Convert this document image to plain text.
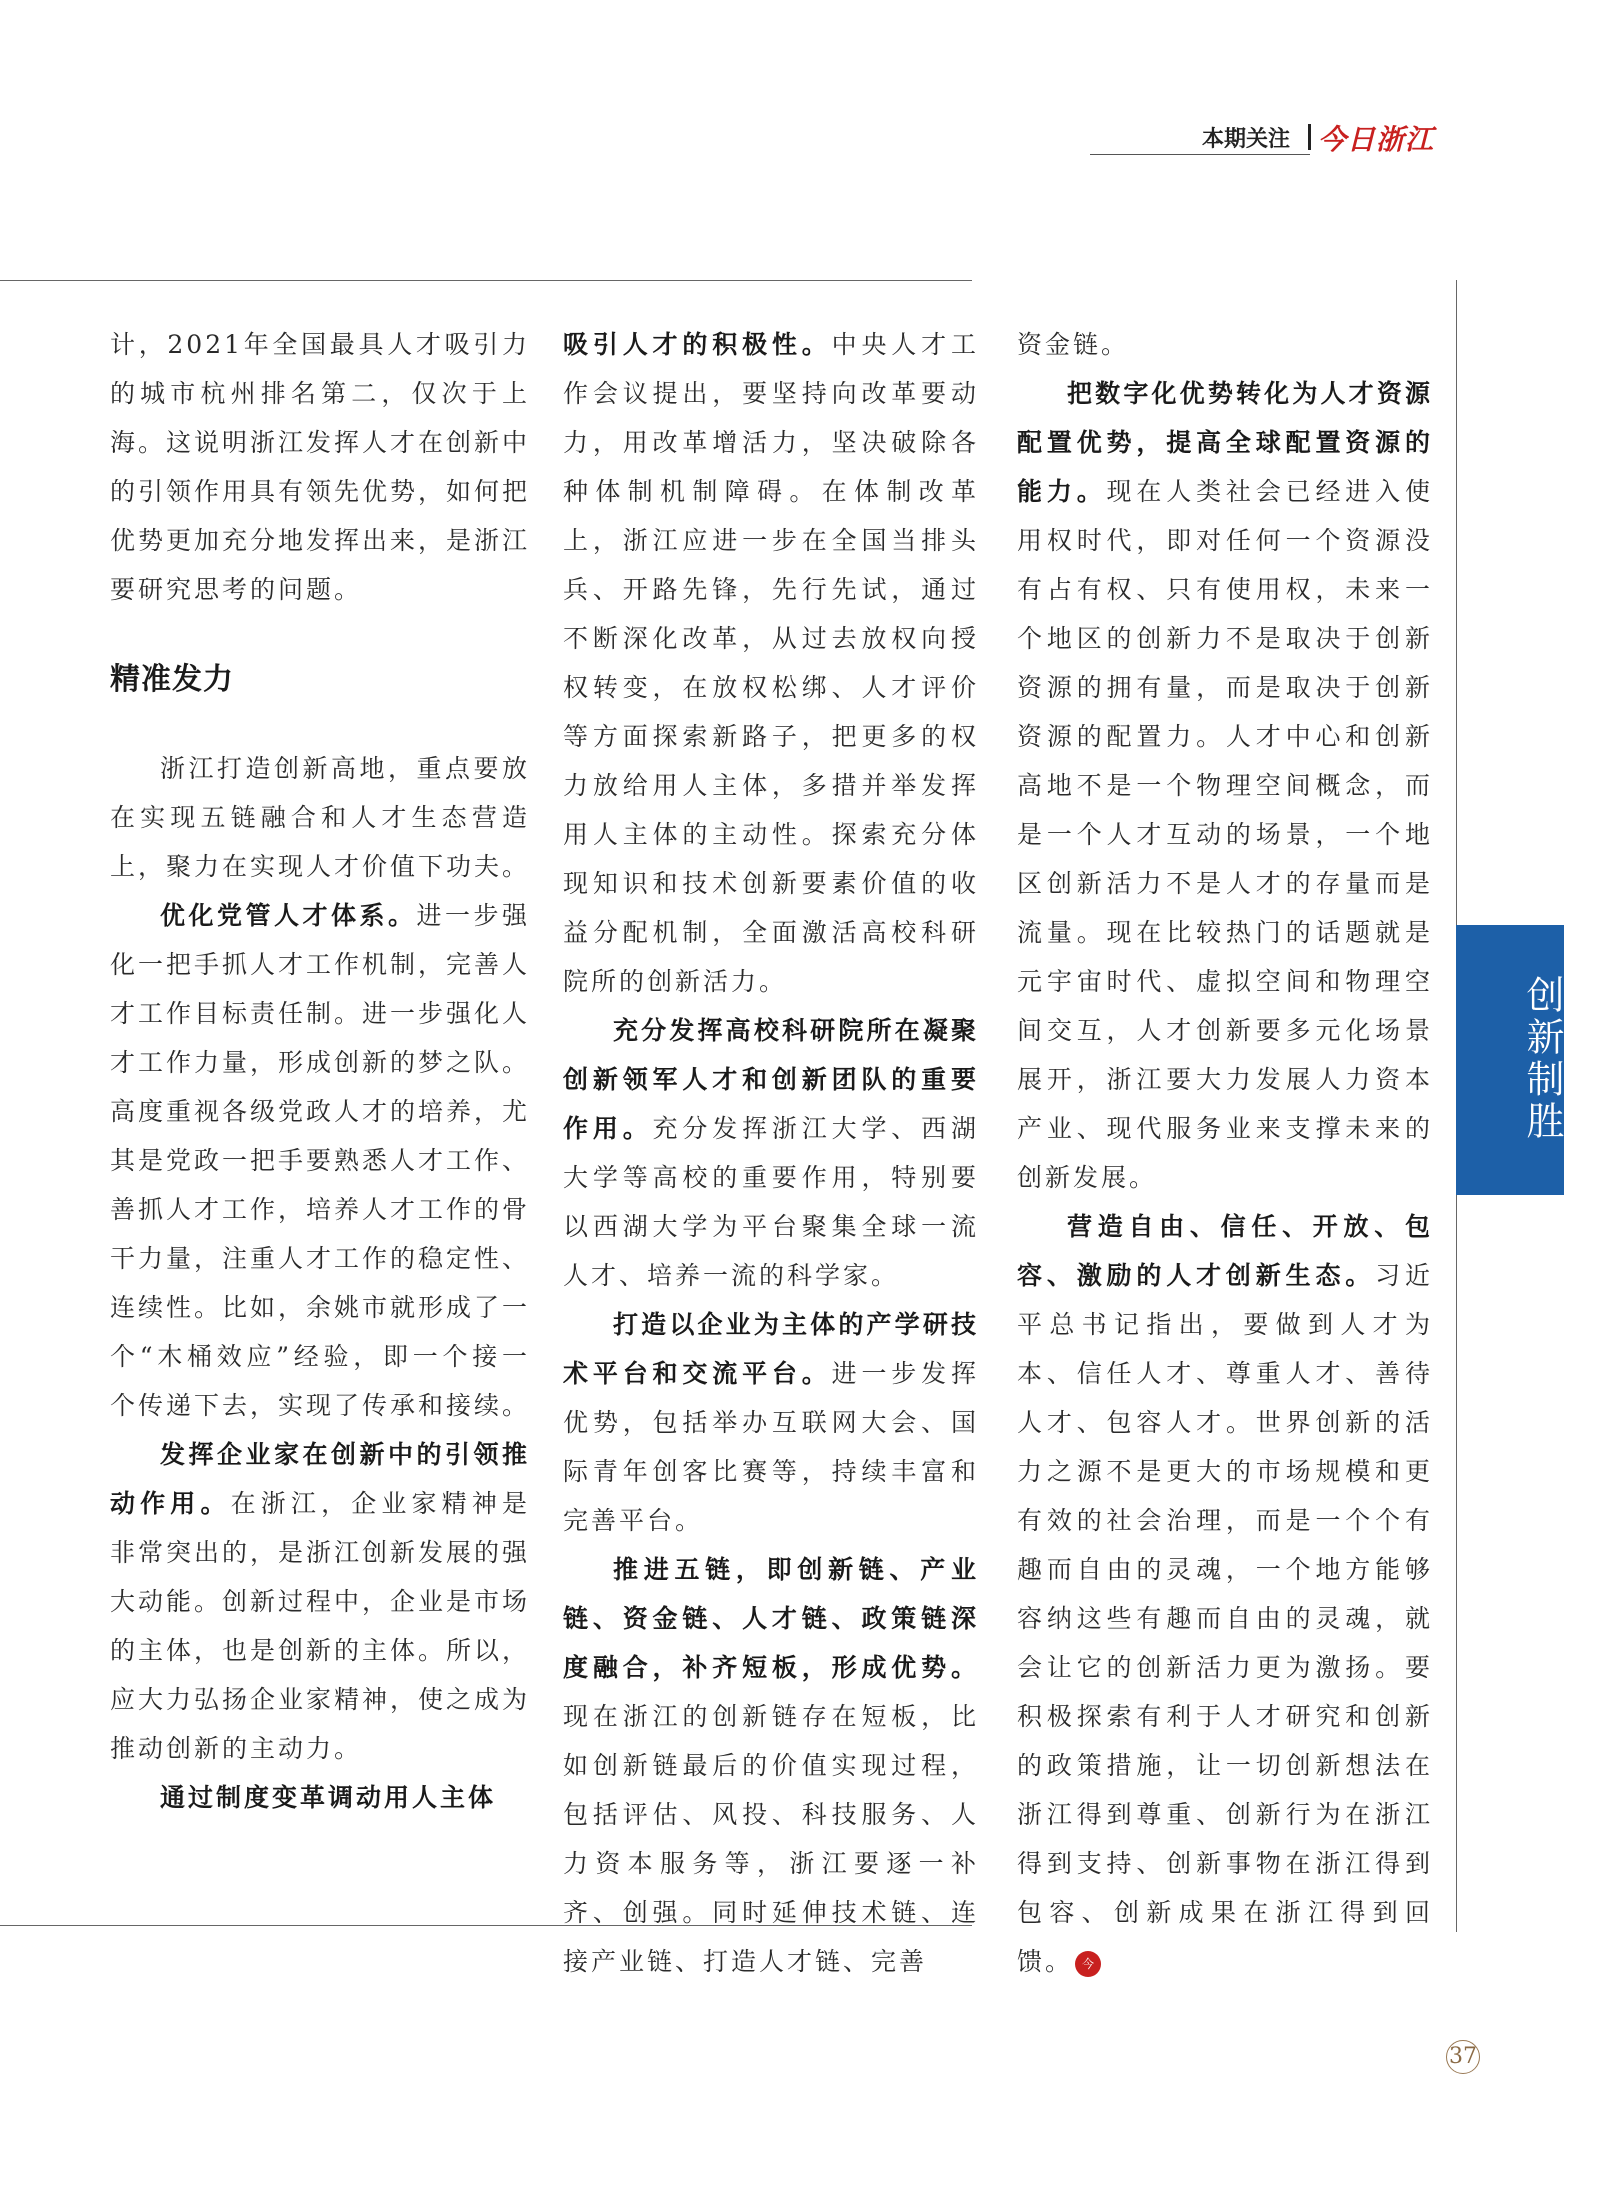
本期关注 今日浙江

计，2021年全国最具人才吸引力的城市杭州排名第二，仅次于上海。这说明浙江发挥人才在创新中的引领作用具有领先优势，如何把优势更加充分地发挥出来，是浙江要研究思考的问题。

精准发力

浙江打造创新高地，重点要放在实现五链融合和人才生态营造上，聚力在实现人才价值下功夫。

优化党管人才体系。进一步强化一把手抓人才工作机制，完善人才工作目标责任制。进一步强化人才工作力量，形成创新的梦之队。高度重视各级党政人才的培养，尤其是党政一把手要熟悉人才工作、善抓人才工作，培养人才工作的骨干力量，注重人才工作的稳定性、连续性。比如，余姚市就形成了一个“木桶效应”经验，即一个接一个传递下去，实现了传承和接续。

发挥企业家在创新中的引领推动作用。在浙江，企业家精神是非常突出的，是浙江创新发展的强大动能。创新过程中，企业是市场的主体，也是创新的主体。所以，应大力弘扬企业家精神，使之成为推动创新的主动力。

通过制度变革调动用人主体

吸引人才的积极性。中央人才工作会议提出，要坚持向改革要动力，用改革增活力，坚决破除各种体制机制障碍。在体制改革上，浙江应进一步在全国当排头兵、开路先锋，先行先试，通过不断深化改革，从过去放权向授权转变，在放权松绑、人才评价等方面探索新路子，把更多的权力放给用人主体，多措并举发挥用人主体的主动性。探索充分体现知识和技术创新要素价值的收益分配机制，全面激活高校科研院所的创新活力。

充分发挥高校科研院所在凝聚创新领军人才和创新团队的重要作用。充分发挥浙江大学、西湖大学等高校的重要作用，特别要以西湖大学为平台聚集全球一流人才、培养一流的科学家。

打造以企业为主体的产学研技术平台和交流平台。进一步发挥优势，包括举办互联网大会、国际青年创客比赛等，持续丰富和完善平台。

推进五链，即创新链、产业链、资金链、人才链、政策链深度融合，补齐短板，形成优势。现在浙江的创新链存在短板，比如创新链最后的价值实现过程，包括评估、风投、科技服务、人力资本服务等，浙江要逐一补齐、创强。同时延伸技术链、连接产业链、打造人才链、完善

资金链。

把数字化优势转化为人才资源配置优势，提高全球配置资源的能力。现在人类社会已经进入使用权时代，即对任何一个资源没有占有权、只有使用权，未来一个地区的创新力不是取决于创新资源的拥有量，而是取决于创新资源的配置力。人才中心和创新高地不是一个物理空间概念，而是一个人才互动的场景，一个地区创新活力不是人才的存量而是流量。现在比较热门的话题就是元宇宙时代、虚拟空间和物理空间交互，人才创新要多元化场景展开，浙江要大力发展人力资本产业、现代服务业来支撑未来的创新发展。

营造自由、信任、开放、包容、激励的人才创新生态。习近平总书记指出，要做到人才为本、信任人才、尊重人才、善待人才、包容人才。世界创新的活力之源不是更大的市场规模和更有效的社会治理，而是一个个有趣而自由的灵魂，一个地方能够容纳这些有趣而自由的灵魂，就会让它的创新活力更为激扬。要积极探索有利于人才研究和创新的政策措施，让一切创新想法在浙江得到尊重、创新行为在浙江得到支持、创新事物在浙江得到包容、创新成果在浙江得到回馈。 今

创新制胜
37
